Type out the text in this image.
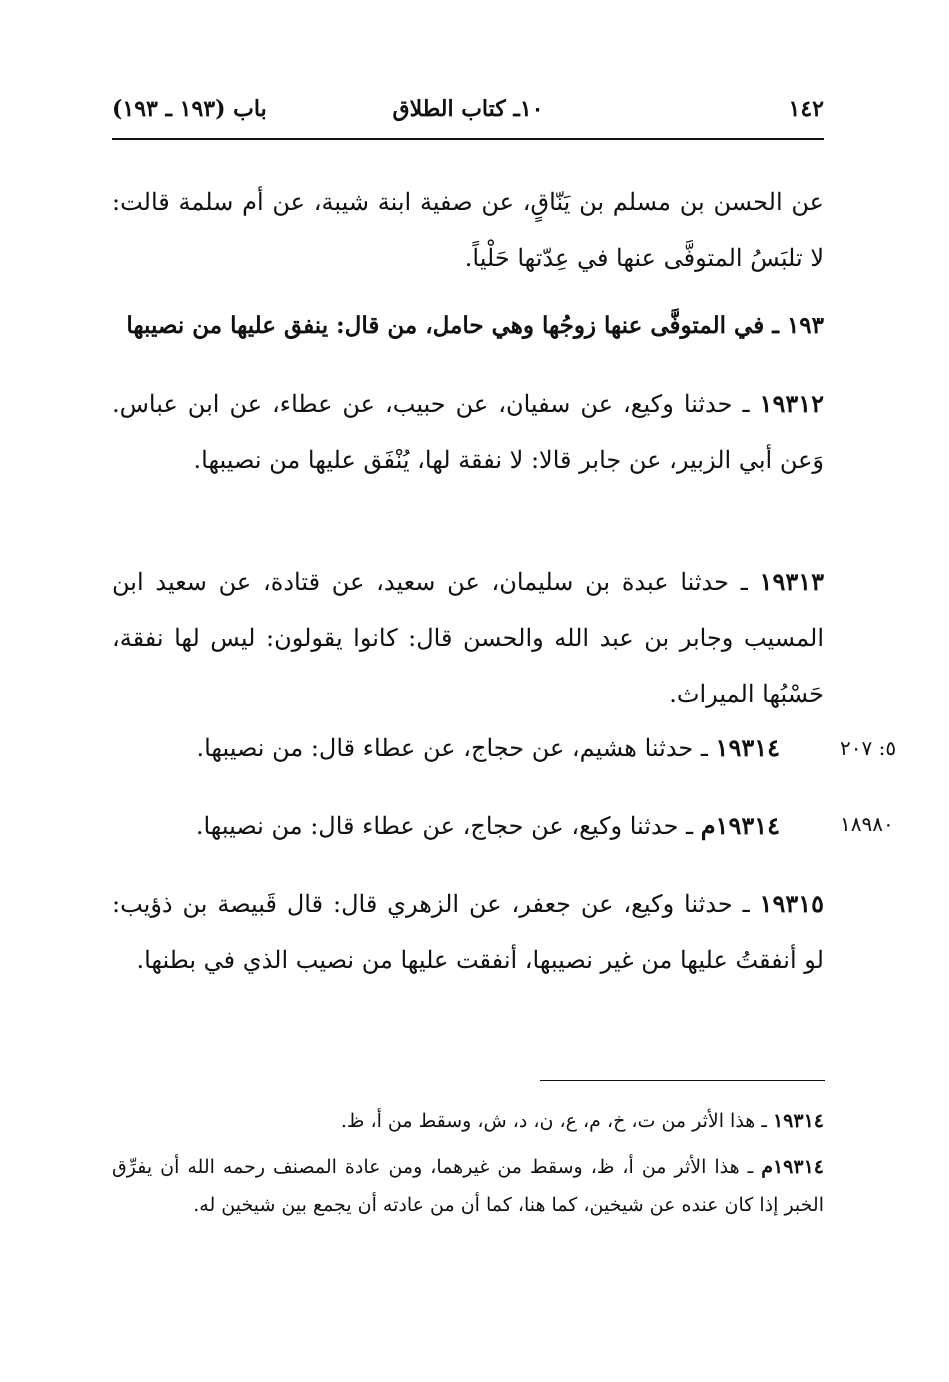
١٤٢
١٠ـ كتاب الطلاق
باب (١٩٣ ـ ١٩٣)
عن الحسن بن مسلم بن يَنّاقٍ، عن صفية ابنة شيبة، عن أم سلمة قالت: لا تلبَسُ المتوفَّى عنها في عِدّتها حَلْياً.
١٩٣ ـ في المتوفَّى عنها زوجُها وهي حامل، من قال: ينفق عليها من نصيبها
١٩٣١٢ ـ حدثنا وكيع، عن سفيان، عن حبيب، عن عطاء، عن ابن عباس. وَعن أبي الزبير، عن جابر قالا: لا نفقة لها، يُنْفَق عليها من نصيبها.
١٩٣١٣ ـ حدثنا عبدة بن سليمان، عن سعيد، عن قتادة، عن سعيد ابن المسيب وجابر بن عبد الله والحسن قال: كانوا يقولون: ليس لها نفقة، حَسْبُها الميراث.
١٩٣١٤ ـ حدثنا هشيم، عن حجاج، عن عطاء قال: من نصيبها.	٥: ٢٠٧
١٩٣١٤م ـ حدثنا وكيع، عن حجاج، عن عطاء قال: من نصيبها.	١٨٩٨٠
١٩٣١٥ ـ حدثنا وكيع، عن جعفر، عن الزهري قال: قال قَبيصة بن ذؤيب: لو أنفقتُ عليها من غير نصيبها، أنفقت عليها من نصيب الذي في بطنها.

١٩٣١٤ ـ هذا الأثر من ت، خ، م، ع، ن، د، ش، وسقط من أ، ظ.

١٩٣١٤م ـ هذا الأثر من أ، ظ، وسقط من غيرهما، ومن عادة المصنف رحمه الله أن يفرِّق الخبر إذا كان عنده عن شيخين، كما هنا، كما أن من عادته أن يجمع بين شيخين له.
